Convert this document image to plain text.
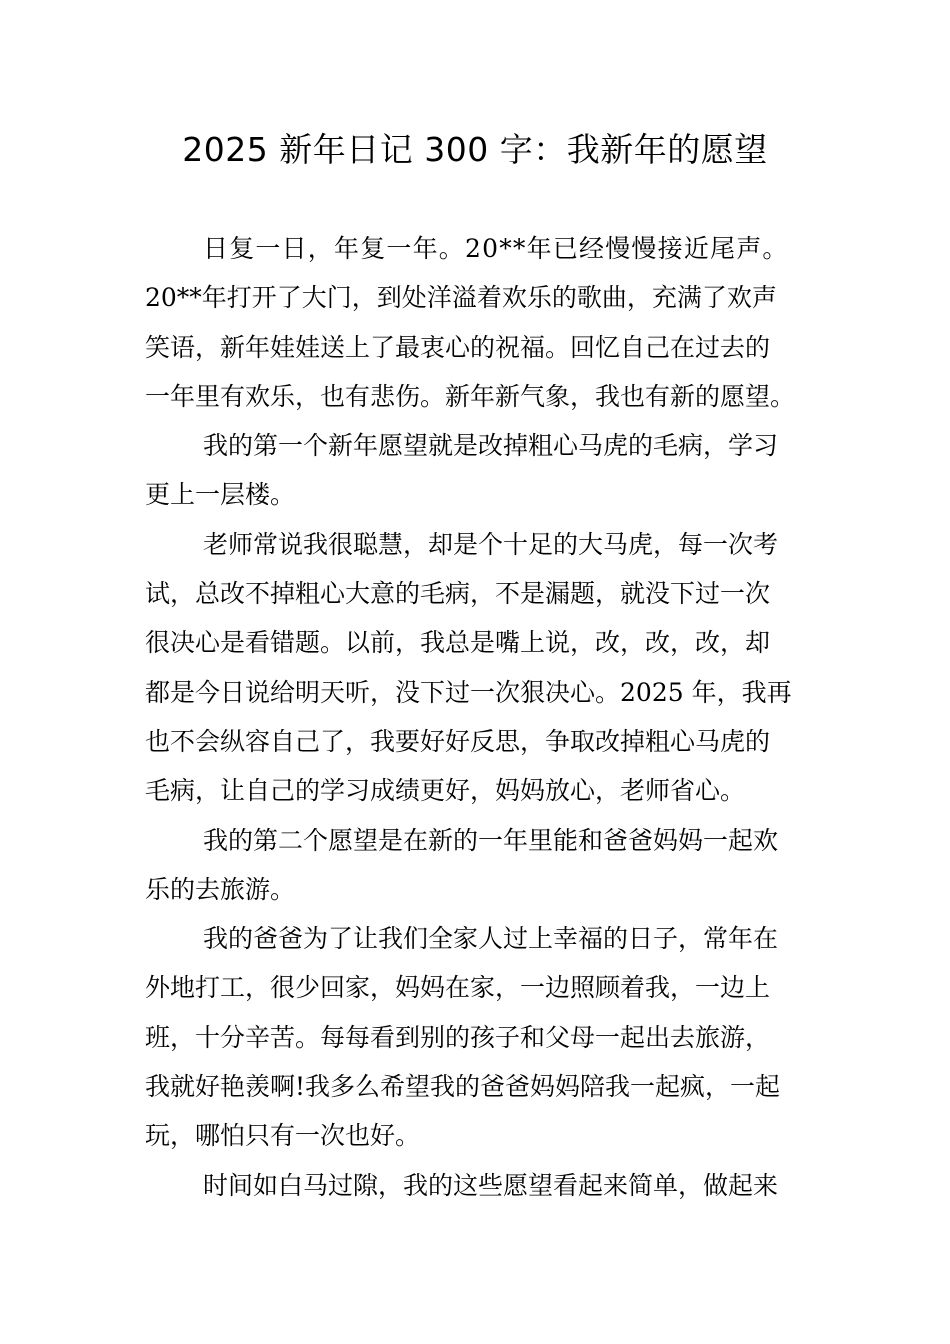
2025 新年日记 300 字：我新年的愿望
日复一日，年复一年。20**年已经慢慢接近尾声。
20**年打开了大门，到处洋溢着欢乐的歌曲，充满了欢声
笑语，新年娃娃送上了最衷心的祝福。回忆自己在过去的
一年里有欢乐，也有悲伤。新年新气象，我也有新的愿望。
我的第一个新年愿望就是改掉粗心马虎的毛病，学习
更上一层楼。
老师常说我很聪慧，却是个十足的大马虎，每一次考
试，总改不掉粗心大意的毛病，不是漏题，就没下过一次
很决心是看错题。以前，我总是嘴上说，改，改，改，却
都是今日说给明天听，没下过一次狠决心。2025 年，我再
也不会纵容自己了，我要好好反思，争取改掉粗心马虎的
毛病，让自己的学习成绩更好，妈妈放心，老师省心。
我的第二个愿望是在新的一年里能和爸爸妈妈一起欢
乐的去旅游。
我的爸爸为了让我们全家人过上幸福的日子，常年在
外地打工，很少回家，妈妈在家，一边照顾着我，一边上
班，十分辛苦。每每看到别的孩子和父母一起出去旅游，
我就好艳羡啊!我多么希望我的爸爸妈妈陪我一起疯，一起
玩，哪怕只有一次也好。
时间如白马过隙，我的这些愿望看起来简单，做起来
